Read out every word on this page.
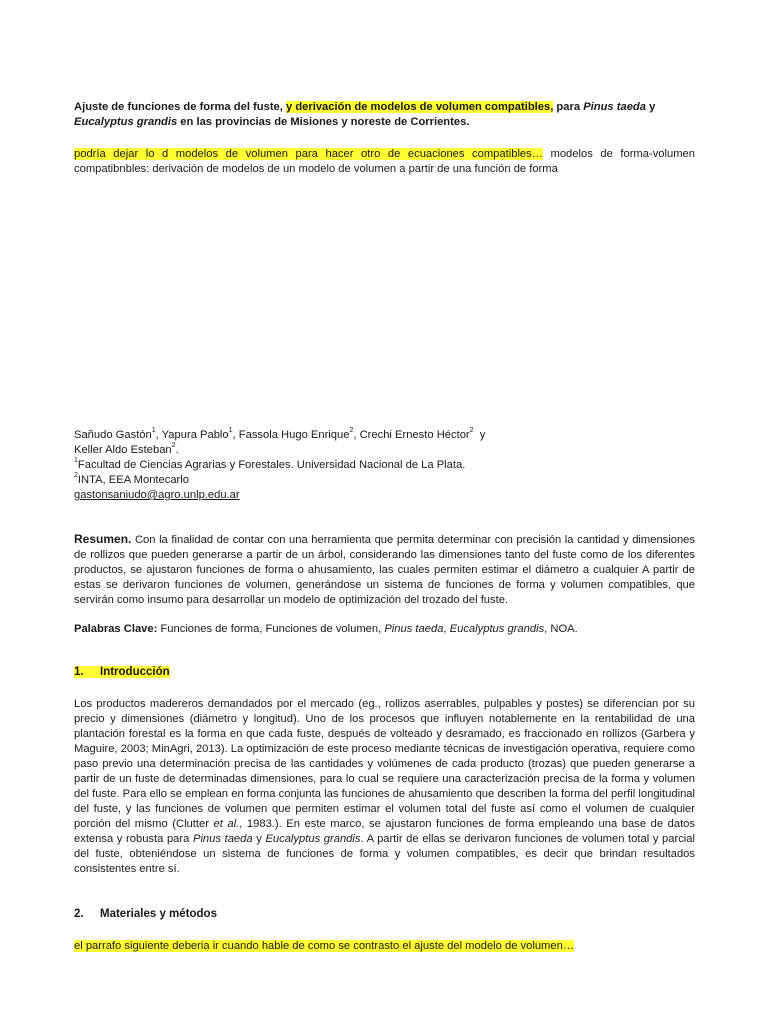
Ajuste de funciones de forma del fuste, y derivación de modelos de volumen compatibles, para Pinus taeda y
Eucalyptus grandis en las provincias de Misiones y noreste de Corrientes.
podría dejar lo d modelos de volumen para hacer otro de ecuaciones compatibles… modelos de forma-volumen compatibnbles: derivación de modelos de un modelo de volumen a partir de una función de forma
Sañudo Gastón$^1$, Yapura Pablo$^1$, Fassola Hugo Enrique$^2$, Crechi Ernesto Héctor$^2$  y
Keller Aldo Esteban$^2$.
$^1$Facultad de Ciencias Agrarias y Forestales. Universidad Nacional de La Plata.
$^2$INTA, EEA Montecarlo
gastonsaniudo@agro.unlp.edu.ar
Resumen. Con la finalidad de contar con una herramienta que permita determinar con precisión la cantidad y dimensiones de rollizos que pueden generarse a partir de un árbol, considerando las dimensiones tanto del fuste como de los diferentes productos, se ajustaron funciones de forma o ahusamiento, las cuales permiten estimar el diámetro a cualquier A partir de estas se derivaron funciones de volumen, generándose un sistema de funciones de forma y volumen compatibles, que servirán como insumo para desarrollar un modelo de optimización del trozado del fuste.
Palabras Clave: Funciones de forma, Funciones de volumen, Pinus taeda, Eucalyptus grandis, NOA.
1. Introducción
Los productos madereros demandados por el mercado (eg., rollizos aserrables, pulpables y postes) se diferencian por su precio y dimensiones (diámetro y longitud). Uno de los procesos que influyen notablemente en la rentabilidad de una plantación forestal es la forma en que cada fuste, después de volteado y desramado, es fraccionado en rollizos (Garbera y Maguire, 2003; MinAgri, 2013). La optimización de este proceso mediante técnicas de investigación operativa, requiere como paso previo una determinación precisa de las cantidades y volúmenes de cada producto (trozas) que pueden generarse a partir de un fuste de determinadas dimensiones, para lo cual se requiere una caracterización precisa de la forma y volumen del fuste. Para ello se emplean en forma conjunta las funciones de ahusamiento que describen la forma del perfil longitudinal del fuste, y las funciones de volumen que permiten estimar el volumen total del fuste así como el volumen de cualquier porción del mismo (Clutter et al., 1983.). En este marco, se ajustaron funciones de forma empleando una base de datos extensa y robusta para Pinus taeda y Eucalyptus grandis. A partir de ellas se derivaron funciones de volumen total y parcial del fuste, obteniéndose un sistema de funciones de forma y volumen compatibles, es decir que brindan resultados consistentes entre sí.
2. Materiales y métodos
el parrafo siguiente deberia ir cuando hable de como se contrasto el ajuste del modelo de volumen…
